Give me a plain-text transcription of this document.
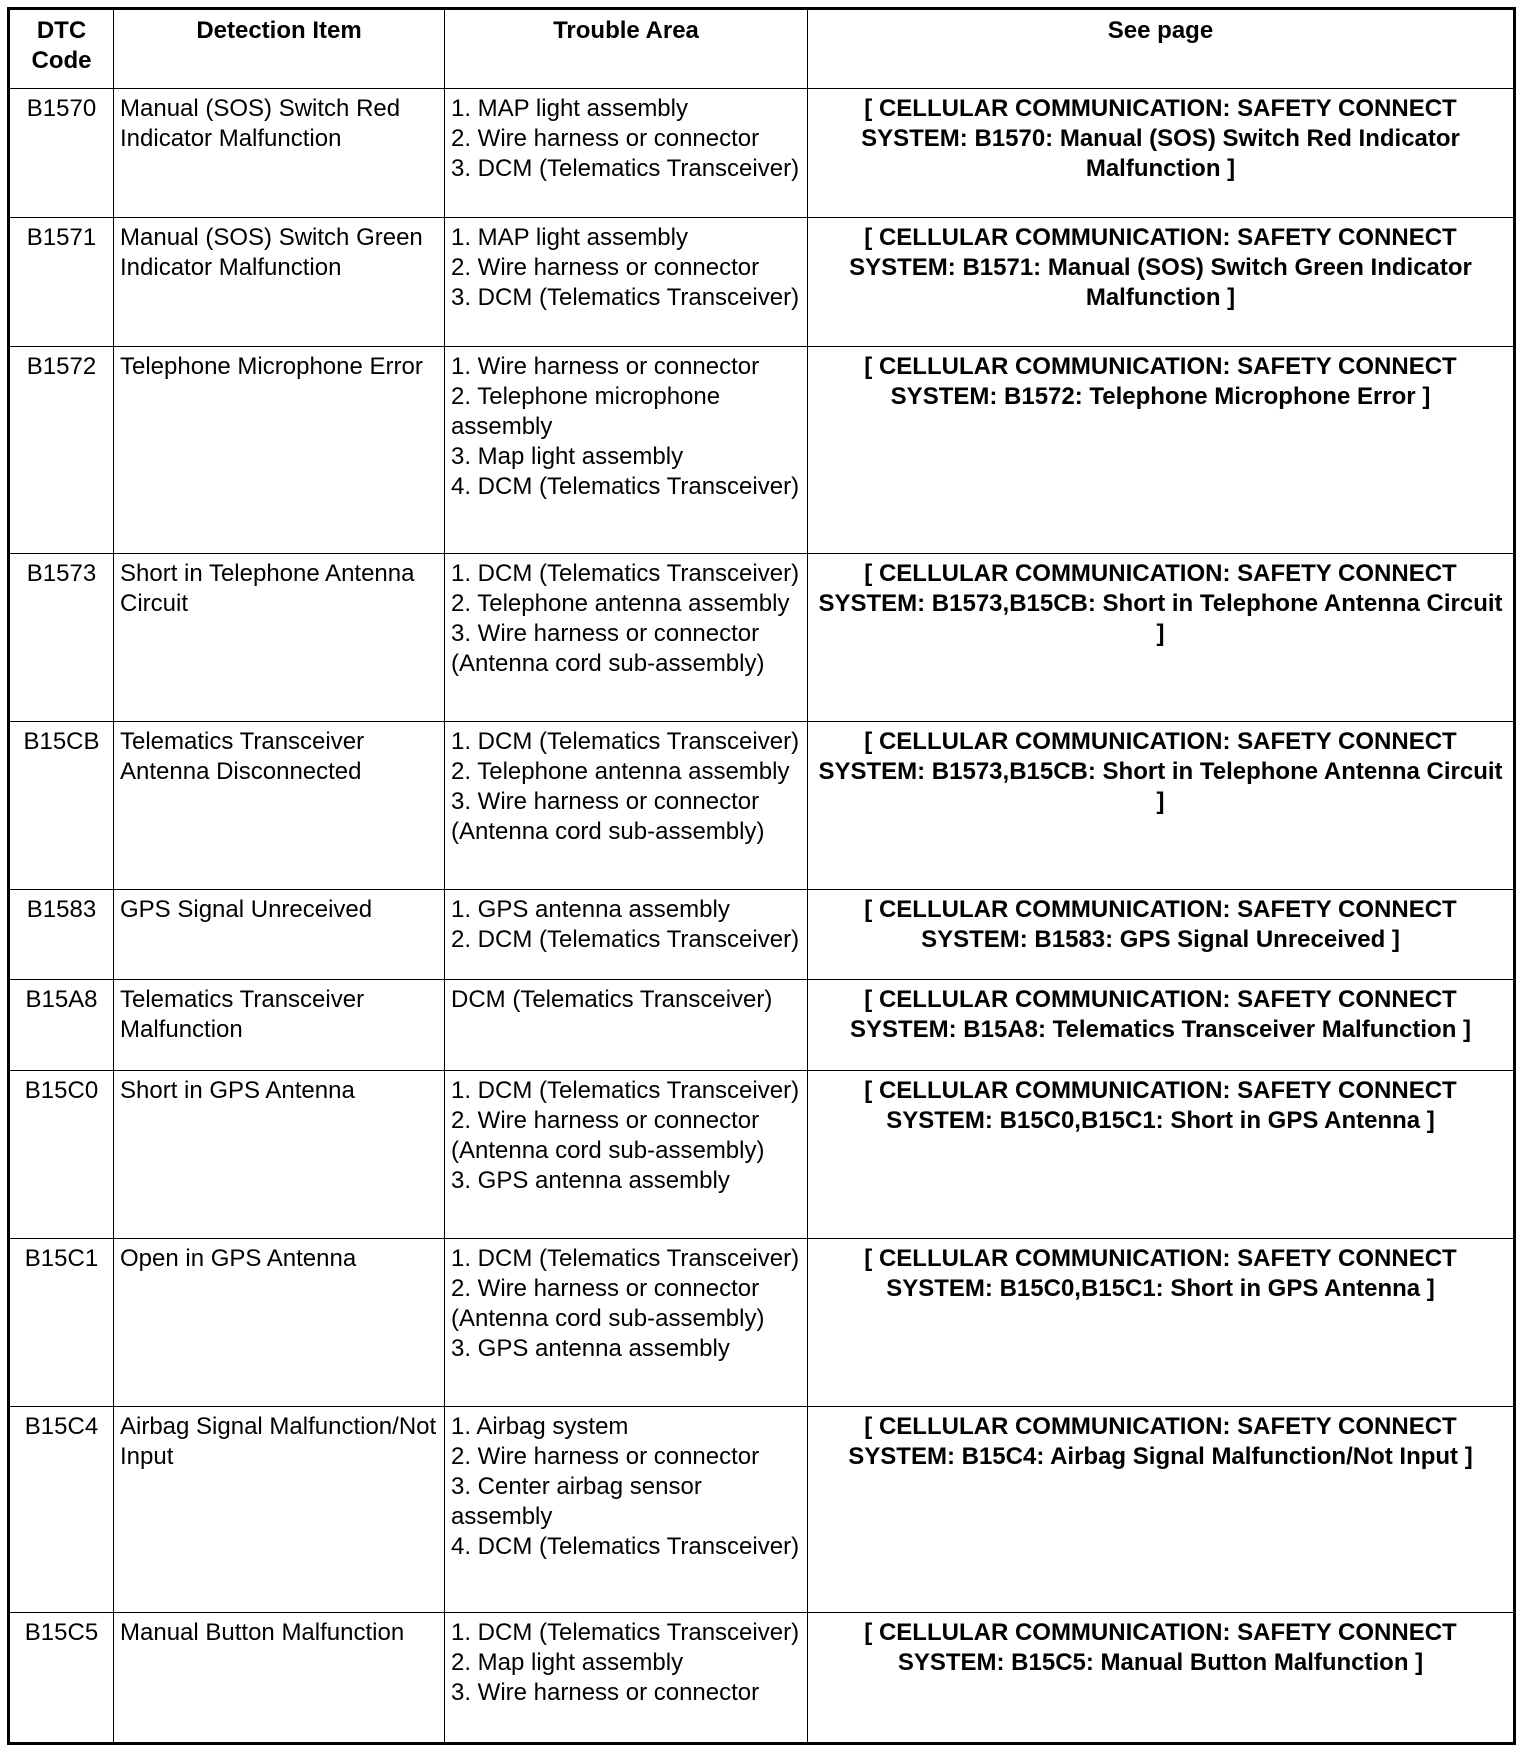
DTC
Code	Detection Item	Trouble Area	See page
B1570	Manual (SOS) Switch Red Indicator Malfunction	1. MAP light assembly
2. Wire harness or connector
3. DCM (Telematics Transceiver)	[ CELLULAR COMMUNICATION: SAFETY CONNECT SYSTEM: B1570: Manual (SOS) Switch Red Indicator Malfunction ]
B1571	Manual (SOS) Switch Green Indicator Malfunction	1. MAP light assembly
2. Wire harness or connector
3. DCM (Telematics Transceiver)	[ CELLULAR COMMUNICATION: SAFETY CONNECT SYSTEM: B1571: Manual (SOS) Switch Green Indicator Malfunction ]
B1572	Telephone Microphone Error	1. Wire harness or connector
2. Telephone microphone assembly
3. Map light assembly
4. DCM (Telematics Transceiver)	[ CELLULAR COMMUNICATION: SAFETY CONNECT SYSTEM: B1572: Telephone Microphone Error ]
B1573	Short in Telephone Antenna Circuit	1. DCM (Telematics Transceiver)
2. Telephone antenna assembly
3. Wire harness or connector (Antenna cord sub-assembly)	[ CELLULAR COMMUNICATION: SAFETY CONNECT SYSTEM: B1573,B15CB: Short in Telephone Antenna Circuit ]
B15CB	Telematics Transceiver Antenna Disconnected	1. DCM (Telematics Transceiver)
2. Telephone antenna assembly
3. Wire harness or connector (Antenna cord sub-assembly)	[ CELLULAR COMMUNICATION: SAFETY CONNECT SYSTEM: B1573,B15CB: Short in Telephone Antenna Circuit ]
B1583	GPS Signal Unreceived	1. GPS antenna assembly
2. DCM (Telematics Transceiver)	[ CELLULAR COMMUNICATION: SAFETY CONNECT SYSTEM: B1583: GPS Signal Unreceived ]
B15A8	Telematics Transceiver Malfunction	DCM (Telematics Transceiver)	[ CELLULAR COMMUNICATION: SAFETY CONNECT SYSTEM: B15A8: Telematics Transceiver Malfunction ]
B15C0	Short in GPS Antenna	1. DCM (Telematics Transceiver)
2. Wire harness or connector (Antenna cord sub-assembly)
3. GPS antenna assembly	[ CELLULAR COMMUNICATION: SAFETY CONNECT SYSTEM: B15C0,B15C1: Short in GPS Antenna ]
B15C1	Open in GPS Antenna	1. DCM (Telematics Transceiver)
2. Wire harness or connector (Antenna cord sub-assembly)
3. GPS antenna assembly	[ CELLULAR COMMUNICATION: SAFETY CONNECT SYSTEM: B15C0,B15C1: Short in GPS Antenna ]
B15C4	Airbag Signal Malfunction/Not Input	1. Airbag system
2. Wire harness or connector
3. Center airbag sensor assembly
4. DCM (Telematics Transceiver)	[ CELLULAR COMMUNICATION: SAFETY CONNECT SYSTEM: B15C4: Airbag Signal Malfunction/Not Input ]
B15C5	Manual Button Malfunction	1. DCM (Telematics Transceiver)
2. Map light assembly
3. Wire harness or connector	[ CELLULAR COMMUNICATION: SAFETY CONNECT SYSTEM: B15C5: Manual Button Malfunction ]
